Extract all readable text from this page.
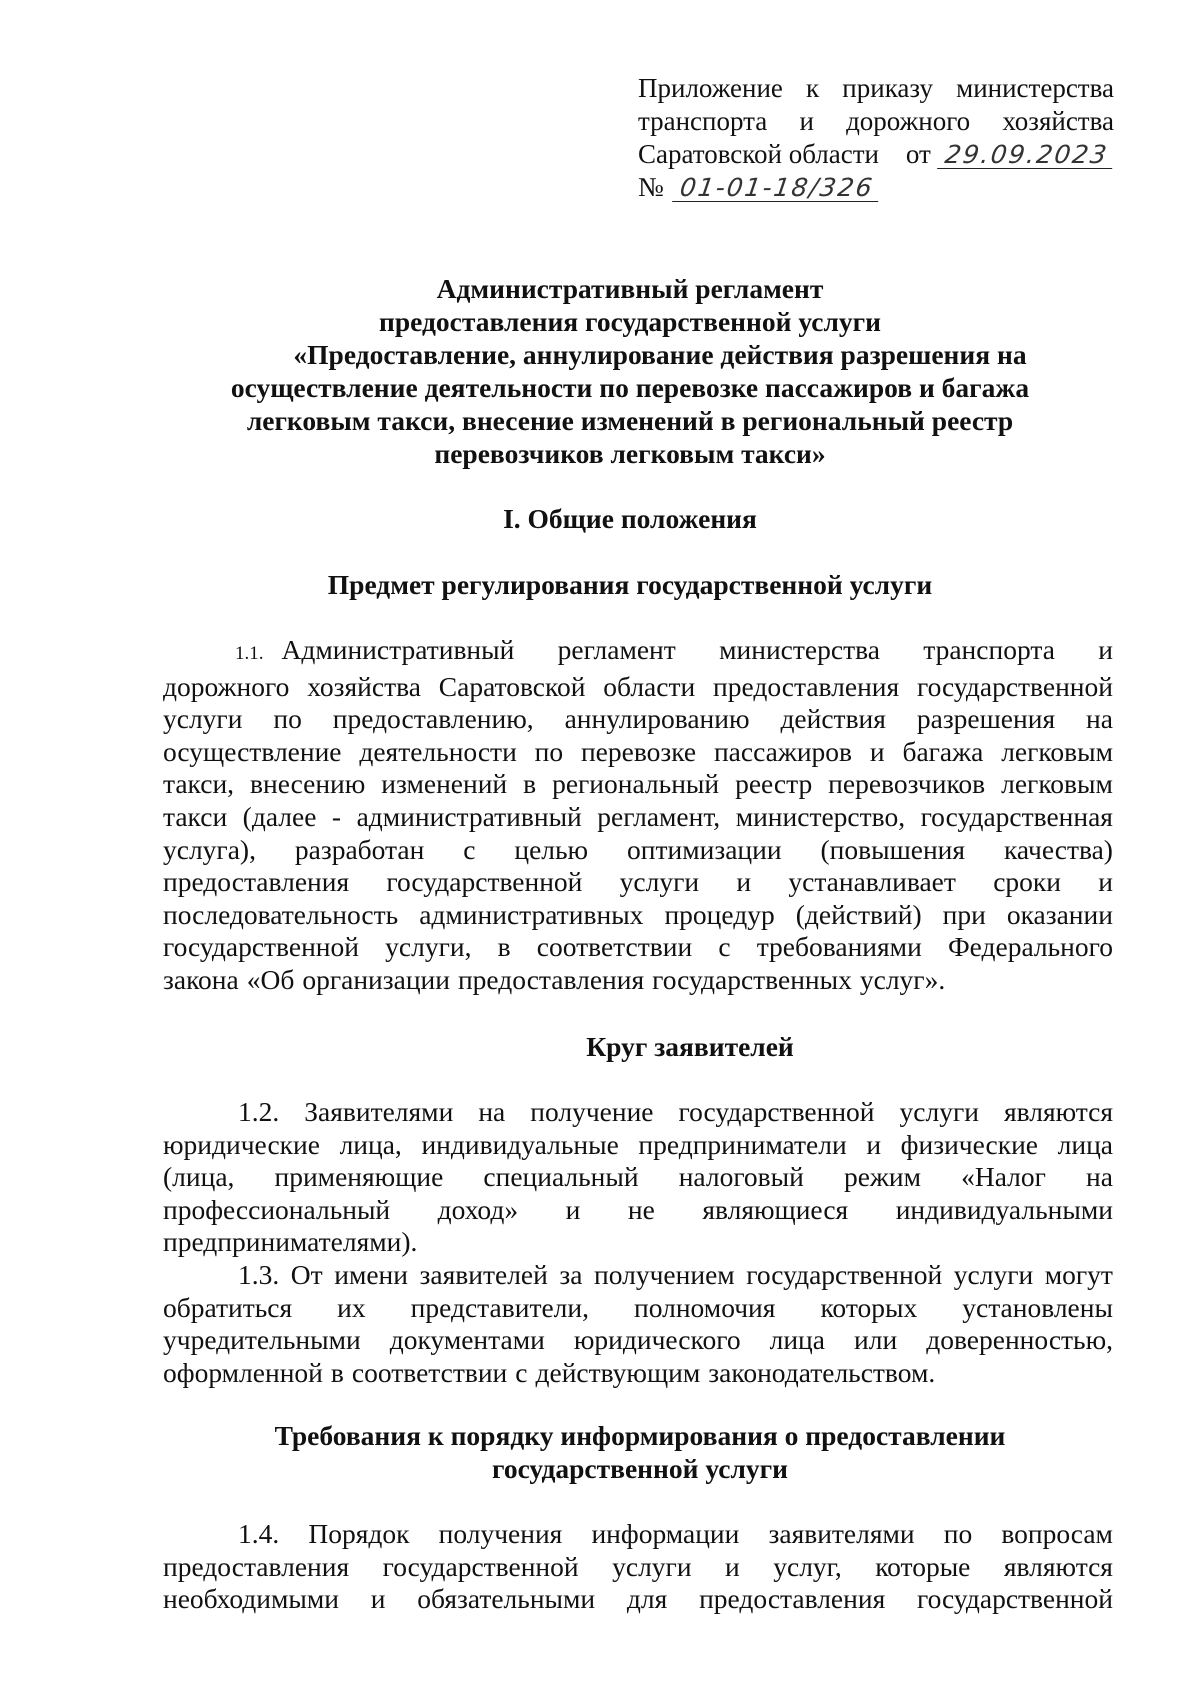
Приложение к приказу министерства
транспорта и дорожного хозяйства
Саратовской области от 29.09.2023
№ 01-01-18/326
Административный регламент
предоставления государственной услуги
«Предоставление, аннулирование действия разрешения на
осуществление деятельности по перевозке пассажиров и багажа
легковым такси, внесение изменений в региональный реестр
перевозчиков легковым такси»
I. Общие положения
Предмет регулирования государственной услуги
1.1. Административный регламент министерства транспорта и
дорожного хозяйства Саратовской области предоставления государственной
услуги по предоставлению, аннулированию действия разрешения на
осуществление деятельности по перевозке пассажиров и багажа легковым
такси, внесению изменений в региональный реестр перевозчиков легковым
такси (далее - административный регламент, министерство, государственная
услуга), разработан с целью оптимизации (повышения качества)
предоставления государственной услуги и устанавливает сроки и
последовательность административных процедур (действий) при оказании
государственной услуги, в соответствии с требованиями Федерального
закона «Об организации предоставления государственных услуг».
Круг заявителей
1.2. Заявителями на получение государственной услуги являются
юридические лица, индивидуальные предприниматели и физические лица
(лица, применяющие специальный налоговый режим «Налог на
профессиональный доход» и не являющиеся индивидуальными
предпринимателями).
1.3. От имени заявителей за получением государственной услуги могут
обратиться их представители, полномочия которых установлены
учредительными документами юридического лица или доверенностью,
оформленной в соответствии с действующим законодательством.
Требования к порядку информирования о предоставлении
государственной услуги
1.4. Порядок получения информации заявителями по вопросам
предоставления государственной услуги и услуг, которые являются
необходимыми и обязательными для предоставления государственной
